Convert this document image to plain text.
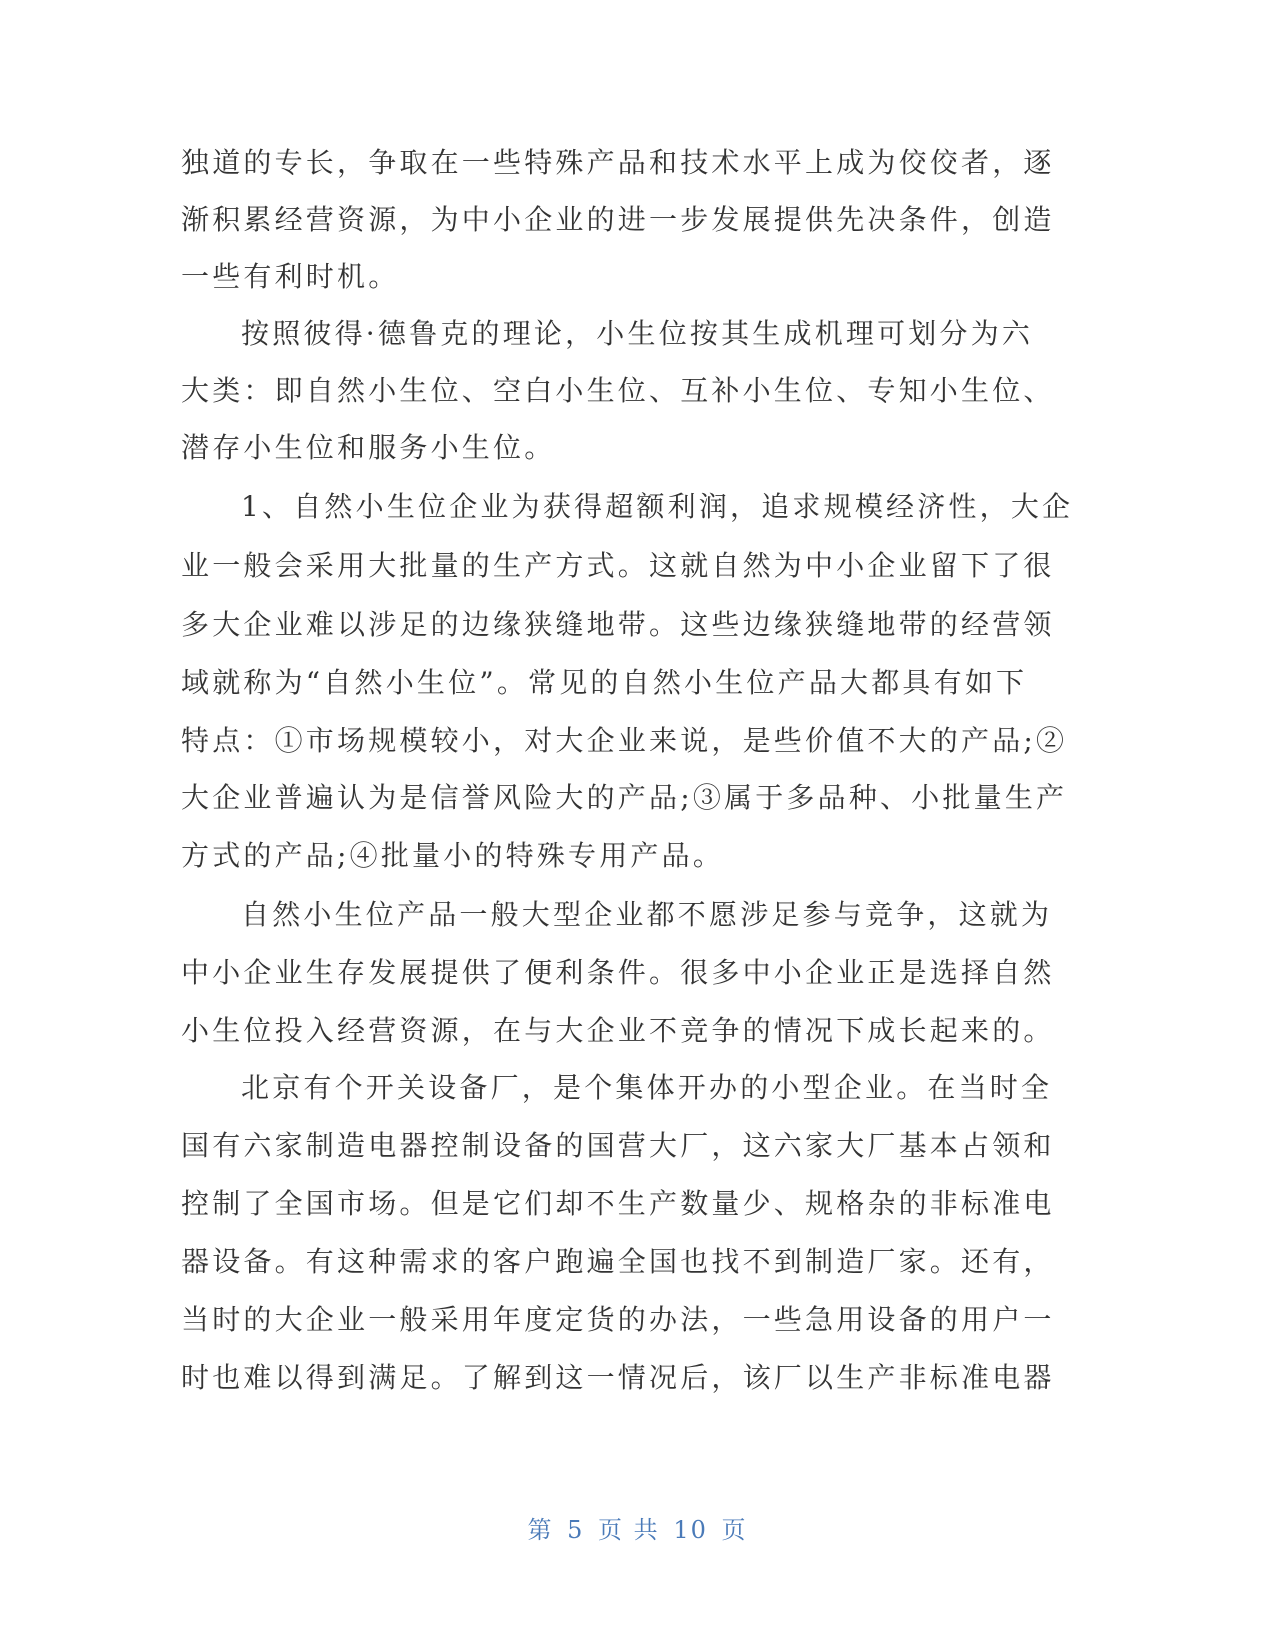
独道的专长，争取在一些特殊产品和技术水平上成为佼佼者，逐
渐积累经营资源，为中小企业的进一步发展提供先决条件，创造
一些有利时机。
按照彼得·德鲁克的理论，小生位按其生成机理可划分为六
大类：即自然小生位、空白小生位、互补小生位、专知小生位、
潜存小生位和服务小生位。
1、自然小生位企业为获得超额利润，追求规模经济性，大企
业一般会采用大批量的生产方式。这就自然为中小企业留下了很
多大企业难以涉足的边缘狭缝地带。这些边缘狭缝地带的经营领
域就称为“自然小生位”。常见的自然小生位产品大都具有如下
特点：①市场规模较小，对大企业来说，是些价值不大的产品;②
大企业普遍认为是信誉风险大的产品;③属于多品种、小批量生产
方式的产品;④批量小的特殊专用产品。
自然小生位产品一般大型企业都不愿涉足参与竞争，这就为
中小企业生存发展提供了便利条件。很多中小企业正是选择自然
小生位投入经营资源，在与大企业不竞争的情况下成长起来的。
北京有个开关设备厂，是个集体开办的小型企业。在当时全
国有六家制造电器控制设备的国营大厂，这六家大厂基本占领和
控制了全国市场。但是它们却不生产数量少、规格杂的非标准电
器设备。有这种需求的客户跑遍全国也找不到制造厂家。还有，
当时的大企业一般采用年度定货的办法，一些急用设备的用户一
时也难以得到满足。了解到这一情况后，该厂以生产非标准电器
第 5 页 共 10 页
